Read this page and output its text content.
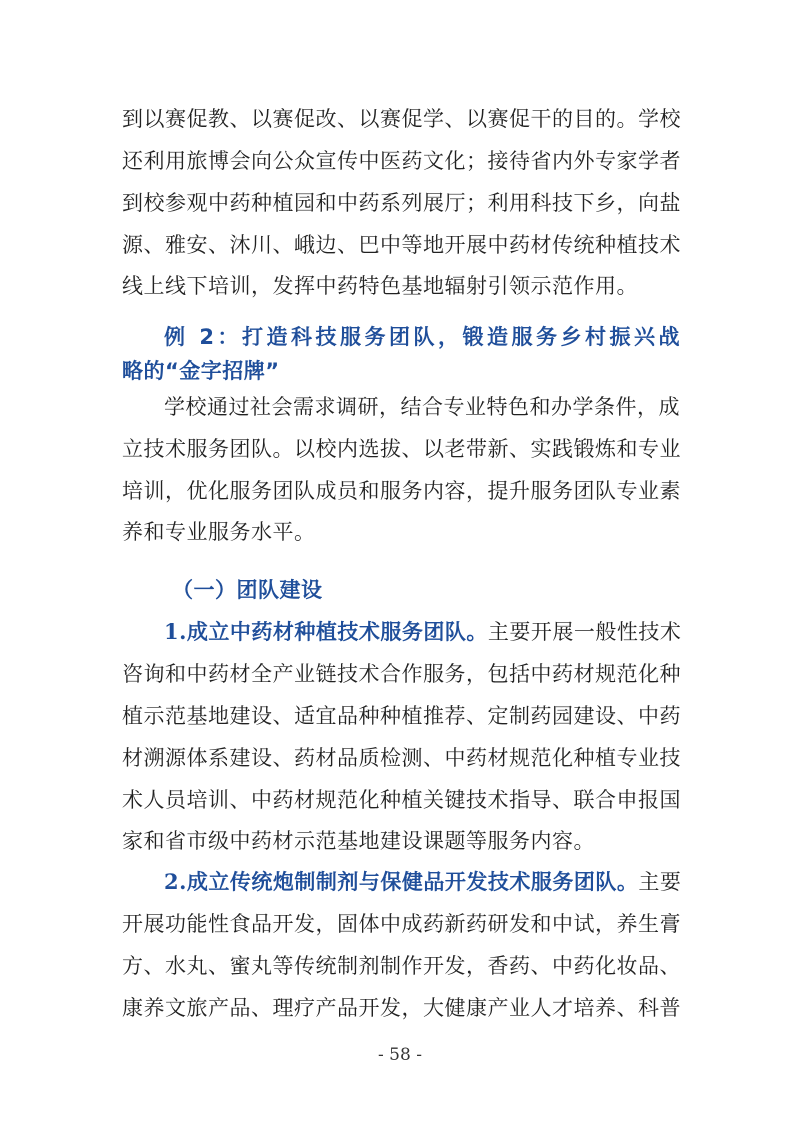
到以赛促教、以赛促改、以赛促学、以赛促干的目的。学校
还利用旅博会向公众宣传中医药文化；接待省内外专家学者
到校参观中药种植园和中药系列展厅；利用科技下乡，向盐
源、雅安、沐川、峨边、巴中等地开展中药材传统种植技术
线上线下培训，发挥中药特色基地辐射引领示范作用。
例 2：打造科技服务团队，锻造服务乡村振兴战
略的“金字招牌”
学校通过社会需求调研，结合专业特色和办学条件，成
立技术服务团队。以校内选拔、以老带新、实践锻炼和专业
培训，优化服务团队成员和服务内容，提升服务团队专业素
养和专业服务水平。
（一）团队建设
1.成立中药材种植技术服务团队。 主要开展一般性技术
咨询和中药材全产业链技术合作服务，包括中药材规范化种
植示范基地建设、适宜品种种植推荐、定制药园建设、中药
材溯源体系建设、药材品质检测、中药材规范化种植专业技
术人员培训、中药材规范化种植关键技术指导、联合申报国
家和省市级中药材示范基地建设课题等服务内容。
2.成立传统炮制制剂与保健品开发技术服务团队。 主要
开展功能性食品开发，固体中成药新药研发和中试，养生膏
方、水丸、蜜丸等传统制剂制作开发，香药、中药化妆品、
康养文旅产品、理疗产品开发，大健康产业人才培养、科普
- 58 -
